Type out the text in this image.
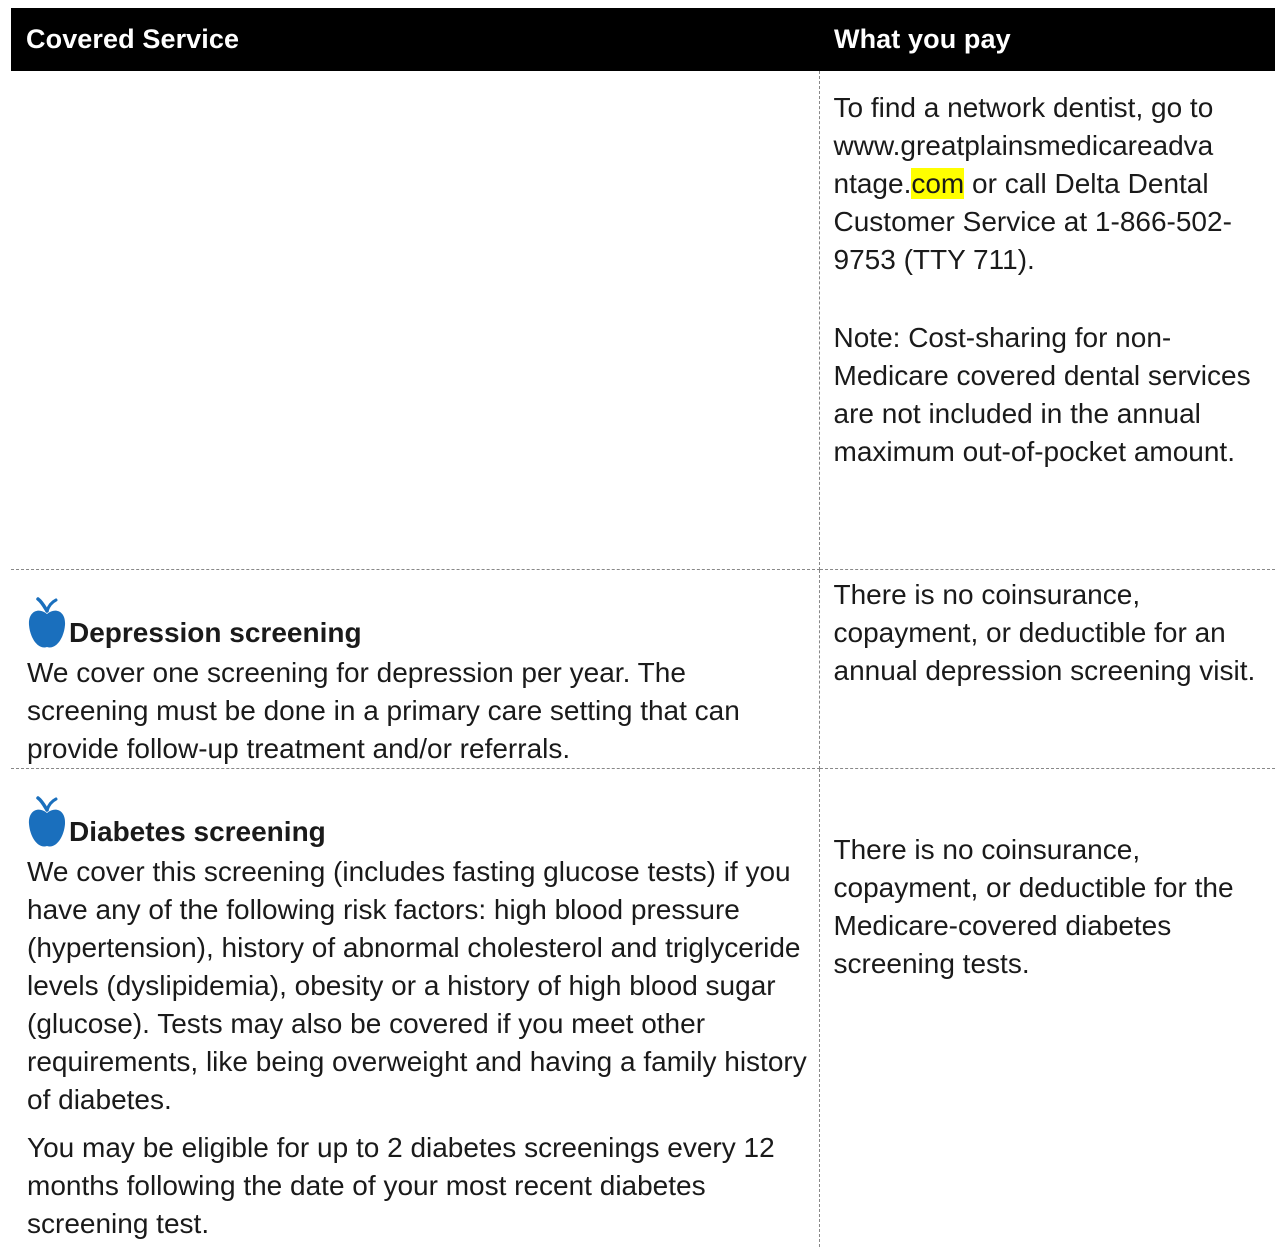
Covered Service	What you pay

	To find a network dentist, go to www.greatplainsmedicareadva ntage.com or call Delta Dental Customer Service at 1-866-502-9753 (TTY 711).

Note: Cost-sharing for non-Medicare covered dental services are not included in the annual maximum out-of-pocket amount.

Depression screening

We cover one screening for depression per year. The screening must be done in a primary care setting that can provide follow-up treatment and/or referrals.	There is no coinsurance, copayment, or deductible for an annual depression screening visit.

Diabetes screening

We cover this screening (includes fasting glucose tests) if you have any of the following risk factors: high blood pressure (hypertension), history of abnormal cholesterol and triglyceride levels (dyslipidemia), obesity or a history of high blood sugar (glucose). Tests may also be covered if you meet other requirements, like being overweight and having a family history of diabetes.

You may be eligible for up to 2 diabetes screenings every 12 months following the date of your most recent diabetes screening test.	There is no coinsurance, copayment, or deductible for the Medicare-covered diabetes screening tests.
